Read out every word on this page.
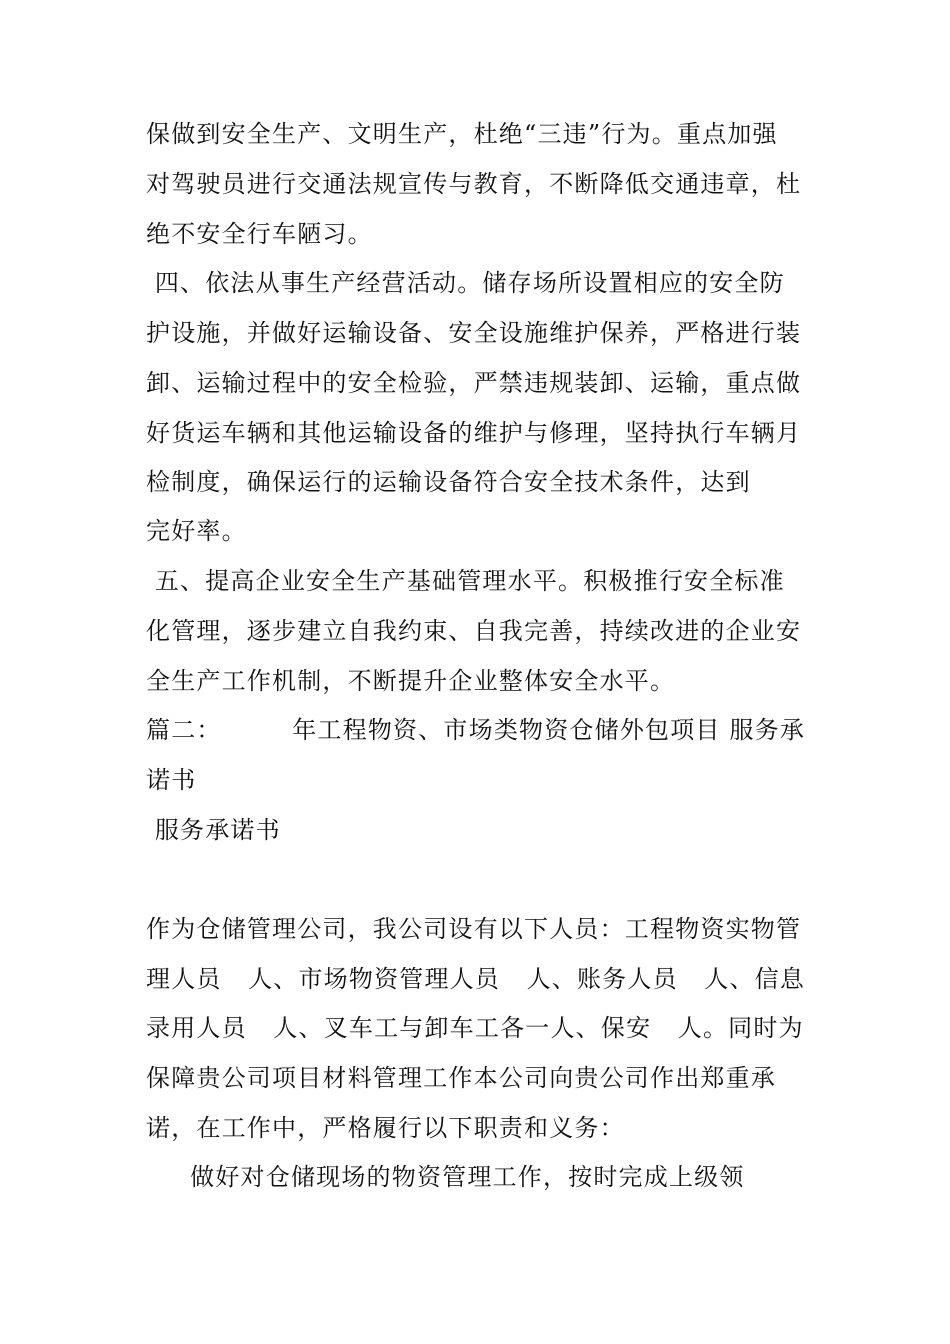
保做到安全生产、文明生产，杜绝“三违”行为。重点加强
对驾驶员进行交通法规宣传与教育，不断降低交通违章，杜
绝不安全行车陋习。
四、依法从事生产经营活动。储存场所设置相应的安全防
护设施，并做好运输设备、安全设施维护保养，严格进行装
卸、运输过程中的安全检验，严禁违规装卸、运输，重点做
好货运车辆和其他运输设备的维护与修理，坚持执行车辆月
检制度，确保运行的运输设备符合安全技术条件，达到
完好率。
五、提高企业安全生产基础管理水平。积极推行安全标准
化管理，逐步建立自我约束、自我完善，持续改进的企业安
全生产工作机制，不断提升企业整体安全水平。
篇二：        年工程物资、市场类物资仓储外包项目 服务承
诺书
服务承诺书
作为仓储管理公司，我公司设有以下人员：工程物资实物管
理人员   人、市场物资管理人员   人、账务人员   人、信息
录用人员   人、叉车工与卸车工各一人、保安   人。同时为
保障贵公司项目材料管理工作本公司向贵公司作出郑重承
诺，在工作中，严格履行以下职责和义务：
做好对仓储现场的物资管理工作，按时完成上级领
